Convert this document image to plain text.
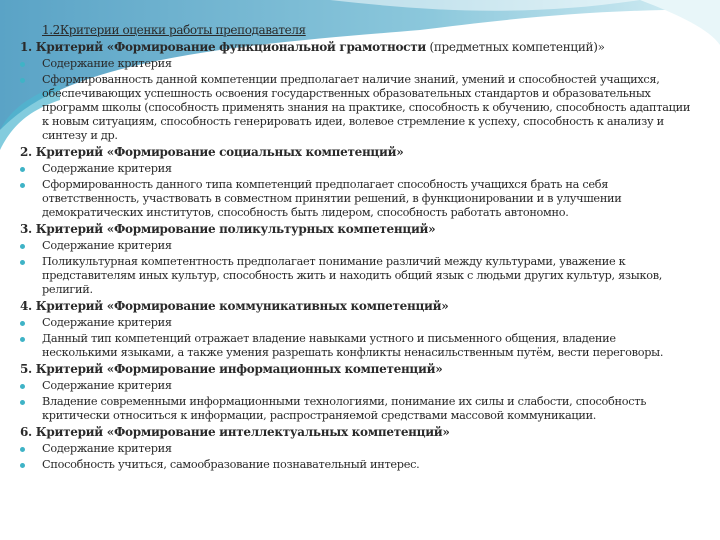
1.2Критерии оценки работы преподавателя
1. Критерий «Формирование функциональной грамотности (предметных компетенций)»
Содержание критерия
Сформированность данной компетенции предполагает наличие знаний, умений и способностей учащихся, обеспечивающих успешность освоения государственных образовательных стандартов и образовательных программ школы (способность применять знания на практике, способность к обучению, способность адаптации к новым ситуациям, способность генерировать идеи, волевое стремление к успеху, способность к анализу и синтезу и др.
2. Критерий «Формирование социальных компетенций»
Содержание критерия
Сформированность данного типа компетенций предполагает способность учащихся брать на себя ответственность, участвовать в совместном принятии решений, в функционировании и в улучшении демократических институтов, способность быть лидером, способность работать автономно.
3. Критерий «Формирование поликультурных компетенций»
Содержание критерия
Поликультурная компетентность предполагает понимание различий между культурами, уважение к представителям иных культур, способность жить и находить общий язык с людьми других культур, языков, религий.
4. Критерий «Формирование коммуникативных компетенций»
Содержание критерия
Данный тип компетенций отражает владение навыками устного и письменного общения, владение несколькими языками, а также умения разрешать конфликты ненасильственным путём, вести переговоры.
5. Критерий «Формирование информационных компетенций»
Содержание критерия
Владение современными информационными технологиями, понимание их силы и слабости, способность критически относиться к информации, распространяемой средствами массовой коммуникации.
6. Критерий «Формирование интеллектуальных компетенций»
Содержание критерия
Способность учиться, самообразование познавательный интерес.
